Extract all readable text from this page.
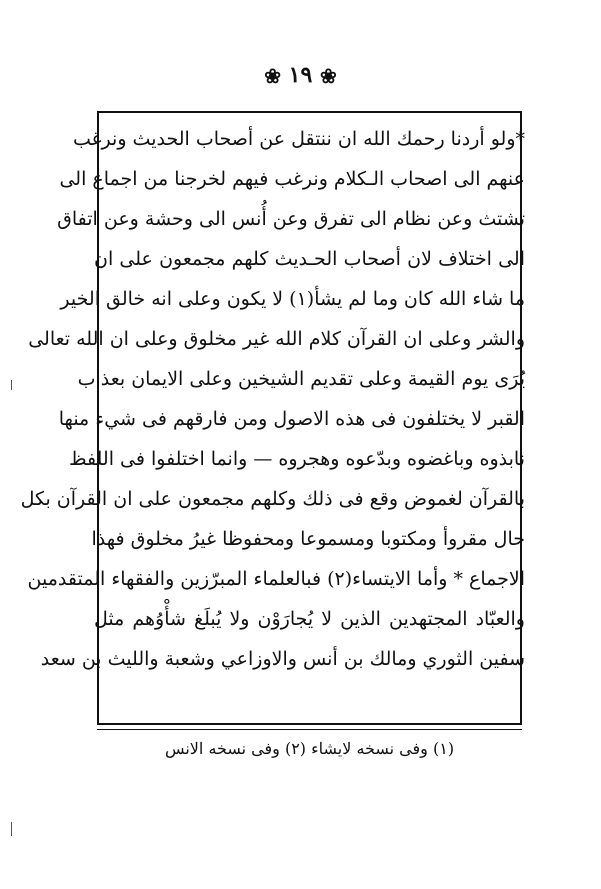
❀ ١٩ ❀
*ولو أردنا رحمك الله ان ننتقل عن أصحاب الحديث ونرغب
عنهم الى اصحاب الـكلام ونرغب فيهم لخرجنا من اجماع الى
تشتث وعن نظام الى تفرق وعن أُنس الى وحشة وعن اتفاق
الى اختلاف لان أصحاب الحـديث كلهم مجمعون على ان
ما شاء الله كان وما لم يشأ(١) لا يكون وعلى انه خالق الخير
والشر وعلى ان القرآن كلام الله غير مخلوق وعلى ان الله تعالى
يُرَى يوم القيمة وعلى تقديم الشيخين وعلى الايمان بعذاب
القبر لا يختلفون فى هذه الاصول ومن فارقهم فى شيء منها
نابذوه وباغضوه وبدّعوه وهجروه — وانما اختلفوا فى اللفظ
بالقرآن لغموض وقع فى ذلك وكلهم مجمعون على ان القرآن بكل
حال مقروأ ومكتوبا ومسموعا ومحفوظا غيرُ مخلوق فهذا
الاجماع * وأما الايتساء(٢) فبالعلماء المبرّزين والفقهاء المتقدمين
والعبّاد المجتهدين الذين لا يُجارَوْن ولا يُبلَغ شأْوُهم مثل
سفين الثوري ومالك بن أنس والاوزاعي وشعبة والليث بن سعد
(١) وفى نسخه لايشاء (٢) وفى نسخه الانس
